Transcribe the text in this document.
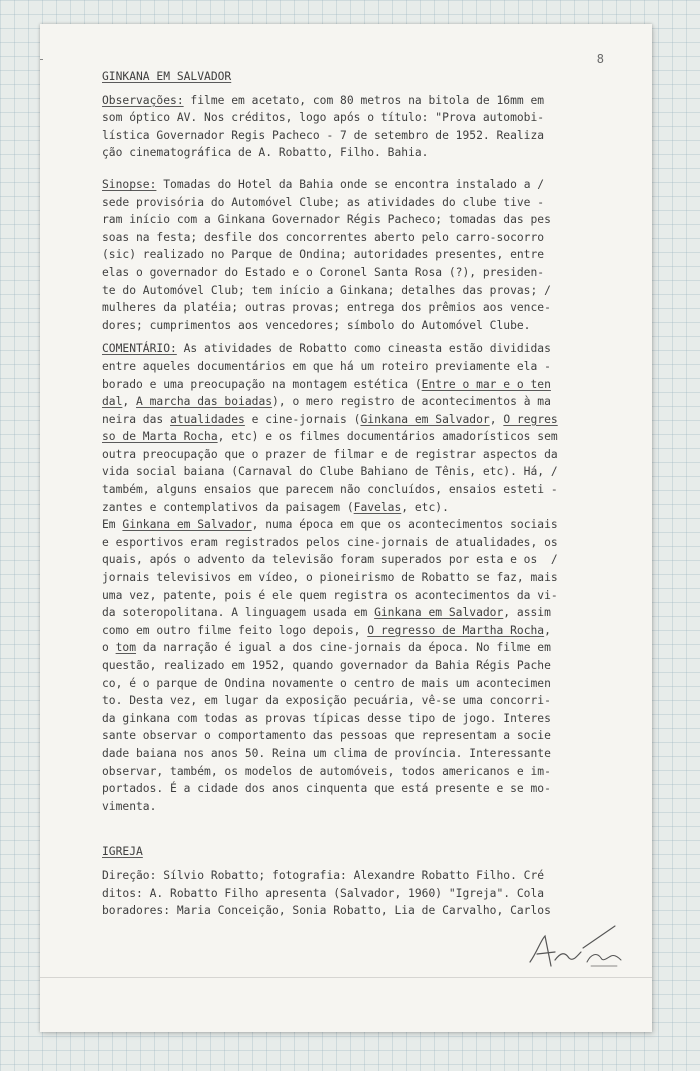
8
GINKANA EM SALVADOR
Observações: filme em acetato, com 80 metros na bitola de 16mm em
som óptico AV. Nos créditos, logo após o título: "Prova automobi-
lística Governador Regis Pacheco - 7 de setembro de 1952. Realiza
ção cinematográfica de A. Robatto, Filho. Bahia.
Sinopse: Tomadas do Hotel da Bahia onde se encontra instalado a /
sede provisória do Automóvel Clube; as atividades do clube tive -
ram início com a Ginkana Governador Régis Pacheco; tomadas das pes
soas na festa; desfile dos concorrentes aberto pelo carro-socorro
(sic) realizado no Parque de Ondina; autoridades presentes, entre
elas o governador do Estado e o Coronel Santa Rosa (?), presiden-
te do Automóvel Club; tem início a Ginkana; detalhes das provas; /
mulheres da platéia; outras provas; entrega dos prêmios aos vence-
dores; cumprimentos aos vencedores; símbolo do Automóvel Clube.
COMENTÁRIO: As atividades de Robatto como cineasta estão divididas
entre aqueles documentários em que há um roteiro previamente ela -
borado e uma preocupação na montagem estética (Entre o mar e o ten
dal, A marcha das boiadas), o mero registro de acontecimentos à ma
neira das atualidades e cine-jornais (Ginkana em Salvador, O regres
so de Marta Rocha, etc) e os filmes documentários amadorísticos sem
outra preocupação que o prazer de filmar e de registrar aspectos da
vida social baiana (Carnaval do Clube Bahiano de Tênis, etc). Há, /
também, alguns ensaios que parecem não concluídos, ensaios esteti -
zantes e contemplativos da paisagem (Favelas, etc).
Em Ginkana em Salvador, numa época em que os acontecimentos sociais
e esportivos eram registrados pelos cine-jornais de atualidades, os
quais, após o advento da televisão foram superados por esta e os  /
jornais televisivos em vídeo, o pioneirismo de Robatto se faz, mais
uma vez, patente, pois é ele quem registra os acontecimentos da vi-
da soteropolitana. A linguagem usada em Ginkana em Salvador, assim
como em outro filme feito logo depois, O regresso de Martha Rocha,
o tom da narração é igual a dos cine-jornais da época. No filme em
questão, realizado em 1952, quando governador da Bahia Régis Pache
co, é o parque de Ondina novamente o centro de mais um acontecimen
to. Desta vez, em lugar da exposição pecuária, vê-se uma concorri-
da ginkana com todas as provas típicas desse tipo de jogo. Interes
sante observar o comportamento das pessoas que representam a socie
dade baiana nos anos 50. Reina um clima de província. Interessante
observar, também, os modelos de automóveis, todos americanos e im-
portados. É a cidade dos anos cinquenta que está presente e se mo-
vimenta.
IGREJA
Direção: Sílvio Robatto; fotografia: Alexandre Robatto Filho. Cré
ditos: A. Robatto Filho apresenta (Salvador, 1960) "Igreja". Cola
boradores: Maria Conceição, Sonia Robatto, Lia de Carvalho, Carlos
